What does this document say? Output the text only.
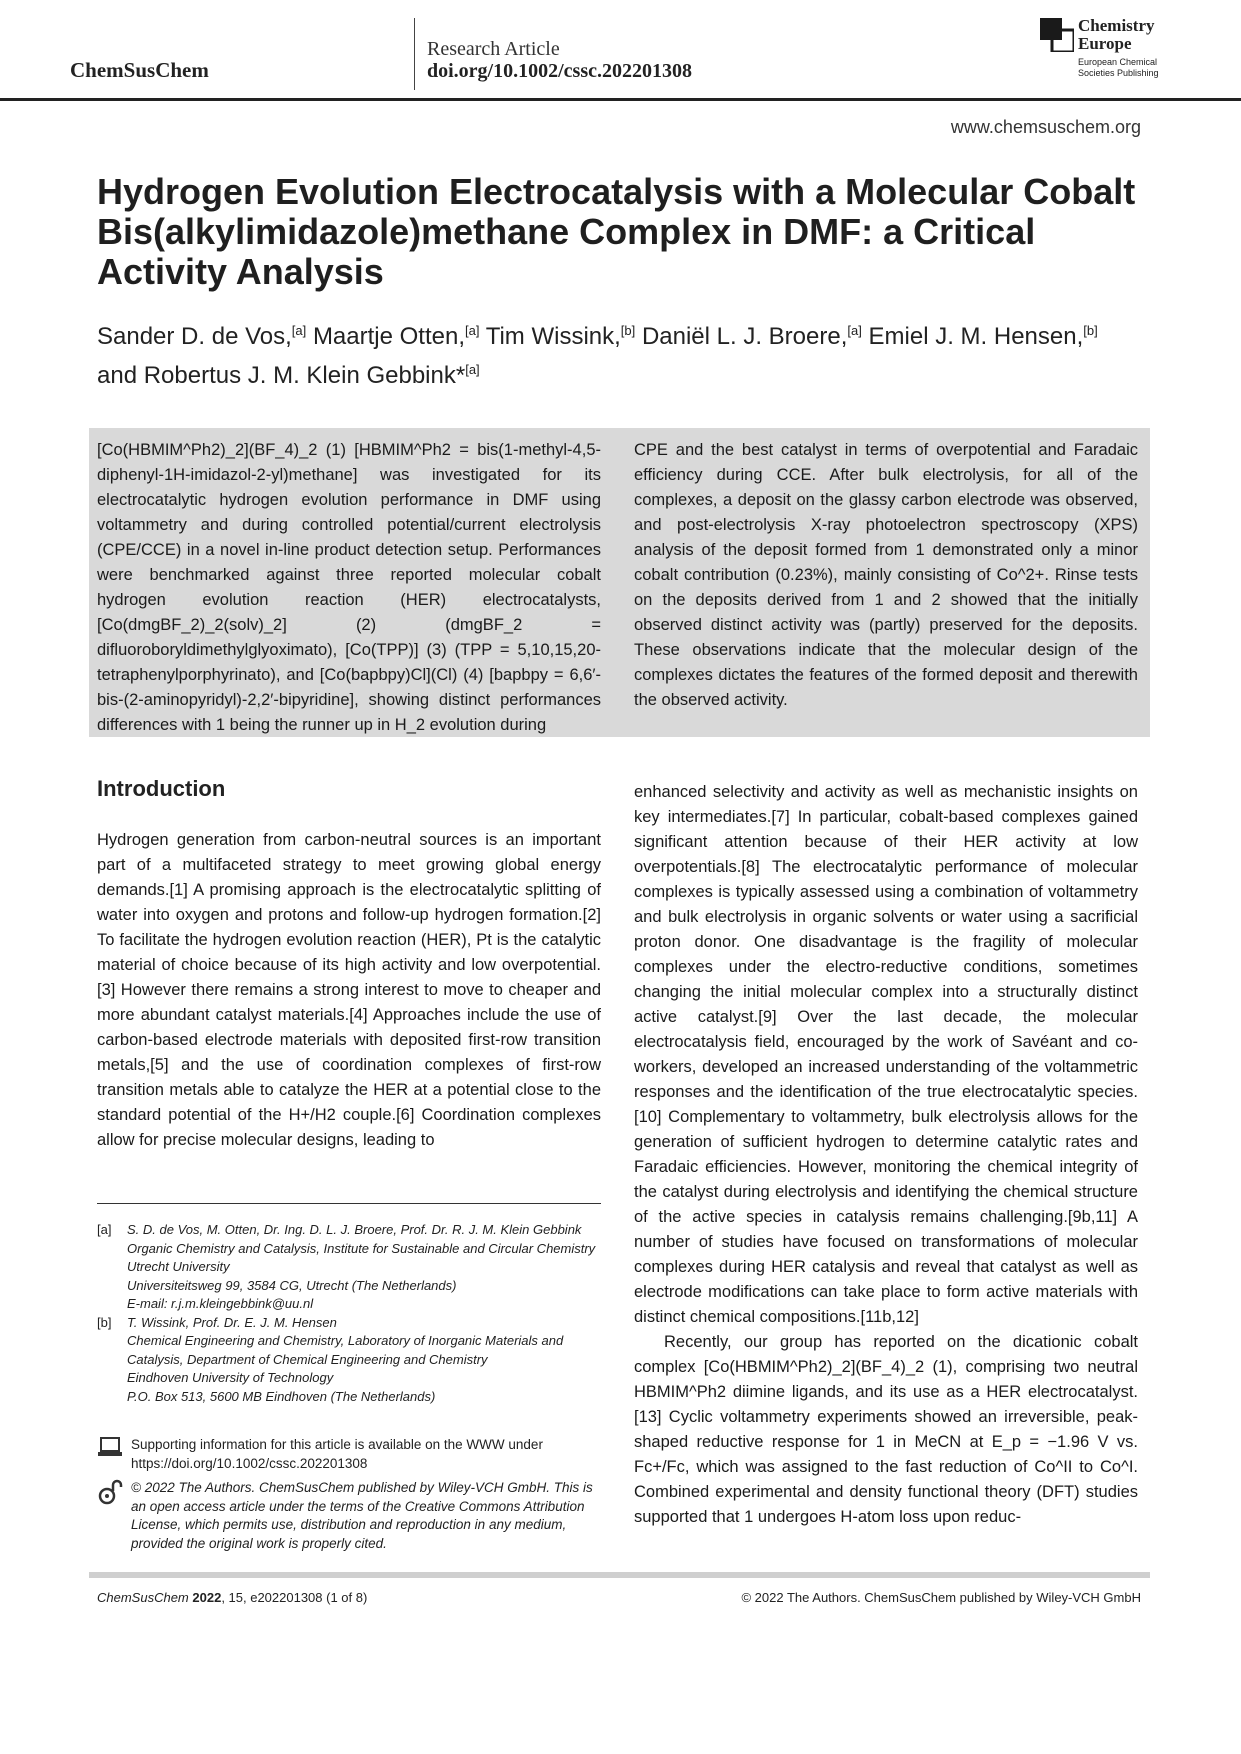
ChemSusChem
Research Article
doi.org/10.1002/cssc.202201308
Chemistry
Europe
European Chemical
Societies Publishing
www.chemsuschem.org
Hydrogen Evolution Electrocatalysis with a Molecular Cobalt Bis(alkylimidazole)methane Complex in DMF: a Critical Activity Analysis
Sander D. de Vos,[a] Maartje Otten,[a] Tim Wissink,[b] Daniël L. J. Broere,[a] Emiel J. M. Hensen,[b]
and Robertus J. M. Klein Gebbink*[a]
[Co(HBMIM^Ph2)_2](BF_4)_2 (1) [HBMIM^Ph2 = bis(1-methyl-4,5-diphenyl-1H-imidazol-2-yl)methane] was investigated for its electrocatalytic hydrogen evolution performance in DMF using voltammetry and during controlled potential/current electrolysis (CPE/CCE) in a novel in-line product detection setup. Performances were benchmarked against three reported molecular cobalt hydrogen evolution reaction (HER) electrocatalysts, [Co(dmgBF_2)_2(solv)_2] (2) (dmgBF_2 = difluoroboryldimethylglyoximato), [Co(TPP)] (3) (TPP = 5,10,15,20-tetraphenylporphyrinato), and [Co(bapbpy)Cl](Cl) (4) [bapbpy = 6,6′-bis-(2-aminopyridyl)-2,2′-bipyridine], showing distinct performances differences with 1 being the runner up in H_2 evolution during
CPE and the best catalyst in terms of overpotential and Faradaic efficiency during CCE. After bulk electrolysis, for all of the complexes, a deposit on the glassy carbon electrode was observed, and post-electrolysis X-ray photoelectron spectroscopy (XPS) analysis of the deposit formed from 1 demonstrated only a minor cobalt contribution (0.23%), mainly consisting of Co^2+. Rinse tests on the deposits derived from 1 and 2 showed that the initially observed distinct activity was (partly) preserved for the deposits. These observations indicate that the molecular design of the complexes dictates the features of the formed deposit and therewith the observed activity.
Introduction
Hydrogen generation from carbon-neutral sources is an important part of a multifaceted strategy to meet growing global energy demands.[1] A promising approach is the electrocatalytic splitting of water into oxygen and protons and follow-up hydrogen formation.[2] To facilitate the hydrogen evolution reaction (HER), Pt is the catalytic material of choice because of its high activity and low overpotential.[3] However there remains a strong interest to move to cheaper and more abundant catalyst materials.[4] Approaches include the use of carbon-based electrode materials with deposited first-row transition metals,[5] and the use of coordination complexes of first-row transition metals able to catalyze the HER at a potential close to the standard potential of the H+/H2 couple.[6] Coordination complexes allow for precise molecular designs, leading to

enhanced selectivity and activity as well as mechanistic insights on key intermediates.[7] In particular, cobalt-based complexes gained significant attention because of their HER activity at low overpotentials.[8] The electrocatalytic performance of molecular complexes is typically assessed using a combination of voltammetry and bulk electrolysis in organic solvents or water using a sacrificial proton donor. One disadvantage is the fragility of molecular complexes under the electro-reductive conditions, sometimes changing the initial molecular complex into a structurally distinct active catalyst.[9] Over the last decade, the molecular electrocatalysis field, encouraged by the work of Savéant and co-workers, developed an increased understanding of the voltammetric responses and the identification of the true electrocatalytic species.[10] Complementary to voltammetry, bulk electrolysis allows for the generation of sufficient hydrogen to determine catalytic rates and Faradaic efficiencies. However, monitoring the chemical integrity of the catalyst during electrolysis and identifying the chemical structure of the active species in catalysis remains challenging.[9b,11] A number of studies have focused on transformations of molecular complexes during HER catalysis and reveal that catalyst as well as electrode modifications can take place to form active materials with distinct chemical compositions.[11b,12]

Recently, our group has reported on the dicationic cobalt complex [Co(HBMIM^Ph2)_2](BF_4)_2 (1), comprising two neutral HBMIM^Ph2 diimine ligands, and its use as a HER electrocatalyst.[13] Cyclic voltammetry experiments showed an irreversible, peak-shaped reductive response for 1 in MeCN at E_p = −1.96 V vs. Fc+/Fc, which was assigned to the fast reduction of Co^II to Co^I. Combined experimental and density functional theory (DFT) studies supported that 1 undergoes H-atom loss upon reduc-

[a]	S. D. de Vos, M. Otten, Dr. Ing. D. L. J. Broere, Prof. Dr. R. J. M. Klein Gebbink
Organic Chemistry and Catalysis, Institute for Sustainable and Circular Chemistry
Utrecht University
Universiteitsweg 99, 3584 CG, Utrecht (The Netherlands)
E-mail: r.j.m.kleingebbink@uu.nl
[b]	T. Wissink, Prof. Dr. E. J. M. Hensen
Chemical Engineering and Chemistry, Laboratory of Inorganic Materials and Catalysis, Department of Chemical Engineering and Chemistry
Eindhoven University of Technology
P.O. Box 513, 5600 MB Eindhoven (The Netherlands)
Supporting information for this article is available on the WWW under https://doi.org/10.1002/cssc.202201308
© 2022 The Authors. ChemSusChem published by Wiley-VCH GmbH. This is an open access article under the terms of the Creative Commons Attribution License, which permits use, distribution and reproduction in any medium, provided the original work is properly cited.
ChemSusChem 2022, 15, e202201308 (1 of 8)	© 2022 The Authors. ChemSusChem published by Wiley-VCH GmbH
